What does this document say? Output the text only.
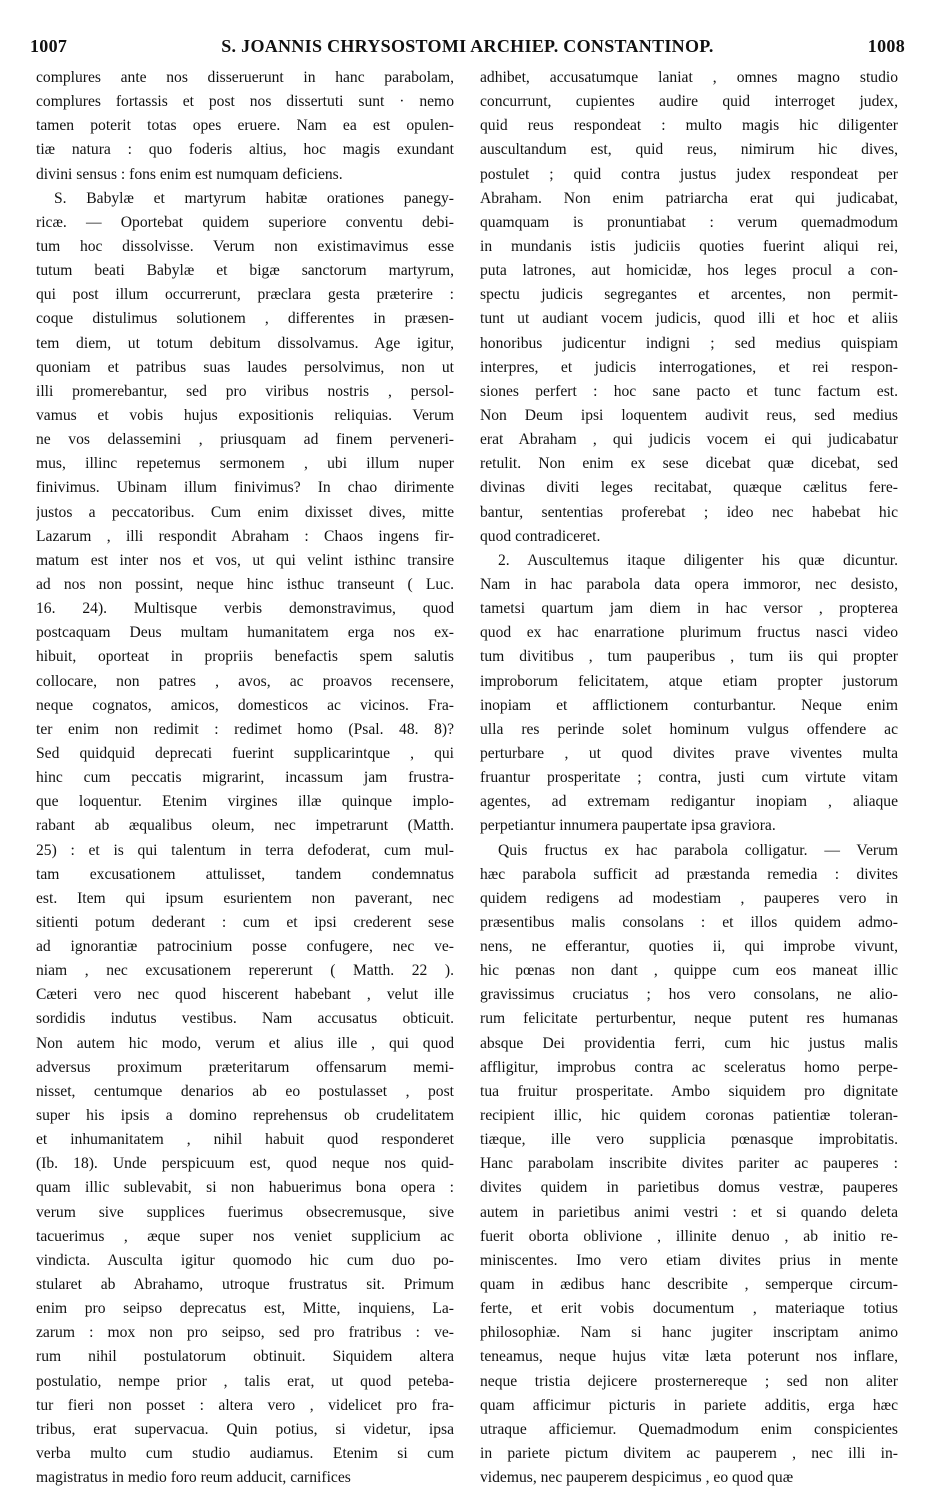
1007	S. JOANNIS CHRYSOSTOMI ARCHIEP. CONSTANTINOP.	1008
complures ante nos disseruerunt in hanc parabolam,
complures fortassis et post nos dissertuti sunt · nemo
tamen poterit totas opes eruere. Nam ea est opulen-
tiæ natura : quo foderis altius, hoc magis exundant
divini sensus : fons enim est numquam deficiens.
S. Babylæ et martyrum habitæ orationes panegy-
ricæ. — Oportebat quidem superiore conventu debi-
tum hoc dissolvisse. Verum non existimavimus esse
tutum beati Babylæ et bigæ sanctorum martyrum,
qui post illum occurrerunt, præclara gesta præterire :
coque distulimus solutionem , differentes in præsen-
tem diem, ut totum debitum dissolvamus. Age igitur,
quoniam et patribus suas laudes persolvimus, non ut
illi promerebantur, sed pro viribus nostris , persol-
vamus et vobis hujus expositionis reliquias. Verum
ne vos delassemini , priusquam ad finem perveneri-
mus, illinc repetemus sermonem , ubi illum nuper
finivimus. Ubinam illum finivimus? In chao dirimente
justos a peccatoribus. Cum enim dixisset dives, mitte
Lazarum , illi respondit Abraham : Chaos ingens fir-
matum est inter nos et vos, ut qui velint isthinc transire
ad nos non possint, neque hinc isthuc transeunt ( Luc.
16. 24). Multisque verbis demonstravimus, quod
postcaquam Deus multam humanitatem erga nos ex-
hibuit, oporteat in propriis benefactis spem salutis
collocare, non patres , avos, ac proavos recensere,
neque cognatos, amicos, domesticos ac vicinos. Fra-
ter enim non redimit : redimet homo (Psal. 48. 8)?
Sed quidquid deprecati fuerint supplicarintque , qui
hinc cum peccatis migrarint, incassum jam frustra-
que loquentur. Etenim virgines illæ quinque implo-
rabant ab æqualibus oleum, nec impetrarunt (Matth.
25) : et is qui talentum in terra defoderat, cum mul-
tam excusationem attulisset, tandem condemnatus
est. Item qui ipsum esurientem non paverant, nec
sitienti potum dederant : cum et ipsi crederent sese
ad ignorantiæ patrocinium posse confugere, nec ve-
niam , nec excusationem repererunt ( Matth. 22 ).
Cæteri vero nec quod hiscerent habebant , velut ille
sordidis indutus vestibus. Nam accusatus obticuit.
Non autem hic modo, verum et alius ille , qui quod
adversus proximum præteritarum offensarum memi-
nisset, centumque denarios ab eo postulasset , post
super his ipsis a domino reprehensus ob crudelitatem
et inhumanitatem , nihil habuit quod responderet
(Ib. 18). Unde perspicuum est, quod neque nos quid-
quam illic sublevabit, si non habuerimus bona opera :
verum sive supplices fuerimus obsecremusque, sive
tacuerimus , æque super nos veniet supplicium ac
vindicta. Ausculta igitur quomodo hic cum duo po-
stularet ab Abrahamo, utroque frustratus sit. Primum
enim pro seipso deprecatus est, Mitte, inquiens, La-
zarum : mox non pro seipso, sed pro fratribus : ve-
rum nihil postulatorum obtinuit. Siquidem altera
postulatio, nempe prior , talis erat, ut quod peteba-
tur fieri non posset : altera vero , videlicet pro fra-
tribus, erat supervacua. Quin potius, si videtur, ipsa
verba multo cum studio audiamus. Etenim si cum
magistratus in medio foro reum adducit, carnifices
adhibet, accusatumque laniat , omnes magno studio
concurrunt, cupientes audire quid interroget judex,
quid reus respondeat : multo magis hic diligenter
auscultandum est, quid reus, nimirum hic dives,
postulet ; quid contra justus judex respondeat per
Abraham. Non enim patriarcha erat qui judicabat,
quamquam is pronuntiabat : verum quemadmodum
in mundanis istis judiciis quoties fuerint aliqui rei,
puta latrones, aut homicidæ, hos leges procul a con-
spectu judicis segregantes et arcentes, non permit-
tunt ut audiant vocem judicis, quod illi et hoc et aliis
honoribus judicentur indigni ; sed medius quispiam
interpres, et judicis interrogationes, et rei respon-
siones perfert : hoc sane pacto et tunc factum est.
Non Deum ipsi loquentem audivit reus, sed medius
erat Abraham , qui judicis vocem ei qui judicabatur
retulit. Non enim ex sese dicebat quæ dicebat, sed
divinas diviti leges recitabat, quæque cælitus fere-
bantur, sententias proferebat ; ideo nec habebat hic
quod contradiceret.
2. Auscultemus itaque diligenter his quæ dicuntur.
Nam in hac parabola data opera immoror, nec desisto,
tametsi quartum jam diem in hac versor , propterea
quod ex hac enarratione plurimum fructus nasci video
tum divitibus , tum pauperibus , tum iis qui propter
improborum felicitatem, atque etiam propter justorum
inopiam et afflictionem conturbantur. Neque enim
ulla res perinde solet hominum vulgus offendere ac
perturbare , ut quod divites prave viventes multa
fruantur prosperitate ; contra, justi cum virtute vitam
agentes, ad extremam redigantur inopiam , aliaque
perpetiantur innumera paupertate ipsa graviora.
Quis fructus ex hac parabola colligatur. — Verum
hæc parabola sufficit ad præstanda remedia : divites
quidem redigens ad modestiam , pauperes vero in
præsentibus malis consolans : et illos quidem admo-
nens, ne efferantur, quoties ii, qui improbe vivunt,
hic pœnas non dant , quippe cum eos maneat illic
gravissimus cruciatus ; hos vero consolans, ne alio-
rum felicitate perturbentur, neque putent res humanas
absque Dei providentia ferri, cum hic justus malis
affligitur, improbus contra ac sceleratus homo perpe-
tua fruitur prosperitate. Ambo siquidem pro dignitate
recipient illic, hic quidem coronas patientiæ toleran-
tiæque, ille vero supplicia pœnasque improbitatis.
Hanc parabolam inscribite divites pariter ac pauperes :
divites quidem in parietibus domus vestræ, pauperes
autem in parietibus animi vestri : et si quando deleta
fuerit oborta oblivione , illinite denuo , ab initio re-
miniscentes. Imo vero etiam divites prius in mente
quam in ædibus hanc describite , semperque circum-
ferte, et erit vobis documentum , materiaque totius
philosophiæ. Nam si hanc jugiter inscriptam animo
teneamus, neque hujus vitæ læta poterunt nos inflare,
neque tristia dejicere prosternereque ; sed non aliter
quam afficimur picturis in pariete additis, erga hæc
utraque afficiemur. Quemadmodum enim conspicientes
in pariete pictum divitem ac pauperem , nec illi in-
videmus, nec pauperem despicimus , eo quod quæ
